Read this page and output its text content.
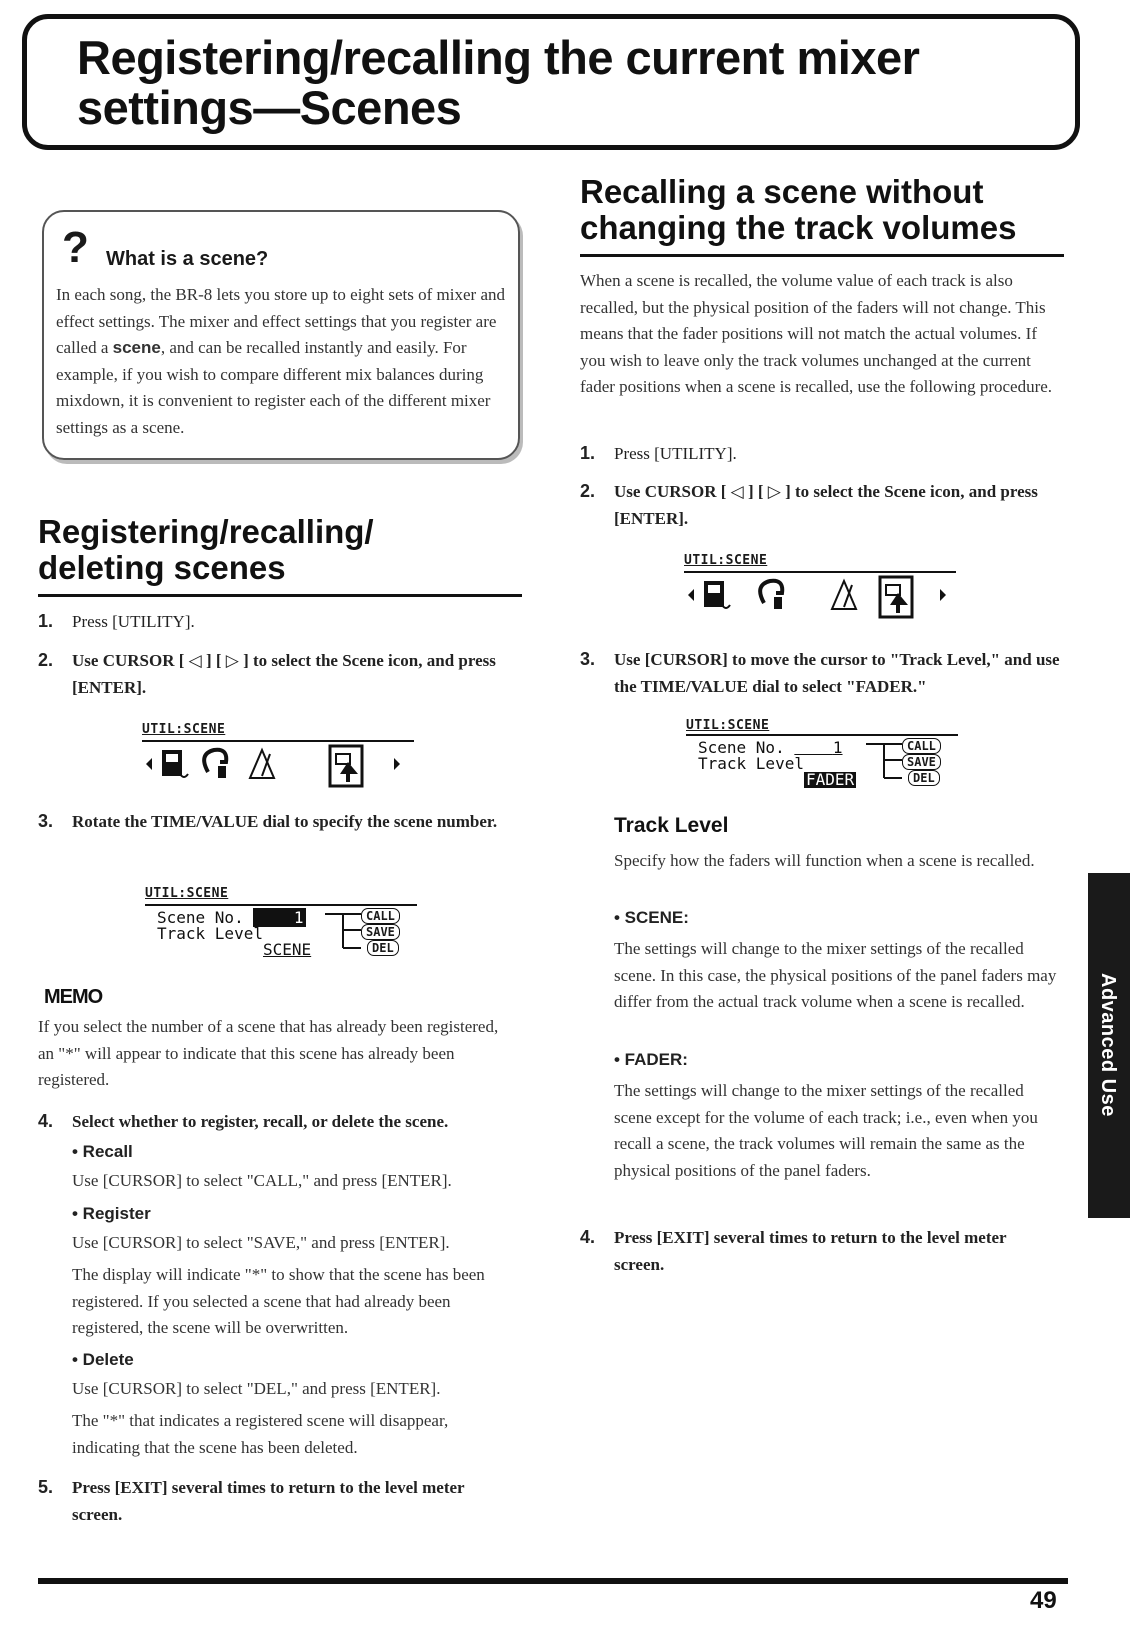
Registering/recalling the current mixer settings—Scenes
? What is a scene?
In each song, the BR-8 lets you store up to eight sets of mixer and effect settings. The mixer and effect settings that you register are called a scene, and can be recalled instantly and easily. For example, if you wish to compare different mix balances during mixdown, it is convenient to register each of the different mixer settings as a scene.
Registering/recalling/ deleting scenes
1. Press [UTILITY].
2. Use CURSOR [ ◁ ] [ ▷ ] to select the Scene icon, and press [ENTER].
UTIL:SCENE
3. Rotate the TIME/VALUE dial to specify the scene number.
UTIL:SCENE
Scene No.	1
Track Level
SCENE
CALL
SAVE
DEL
MEMO
If you select the number of a scene that has already been registered, an "*" will appear to indicate that this scene has already been registered.
4. Select whether to register, recall, or delete the scene.
• Recall
Use [CURSOR] to select "CALL," and press [ENTER].
• Register
Use [CURSOR] to select "SAVE," and press [ENTER].
The display will indicate "*" to show that the scene has been registered. If you selected a scene that had already been registered, the scene will be overwritten.
• Delete
Use [CURSOR] to select "DEL," and press [ENTER].
The "*" that indicates a registered scene will disappear, indicating that the scene has been deleted.
5. Press [EXIT] several times to return to the level meter screen.
Recalling a scene without changing the track volumes
When a scene is recalled, the volume value of each track is also recalled, but the physical position of the faders will not change. This means that the fader positions will not match the actual volumes. If you wish to leave only the track volumes unchanged at the current fader positions when a scene is recalled, use the following procedure.
1. Press [UTILITY].
2. Use CURSOR [ ◁ ] [ ▷ ] to select the Scene icon, and press [ENTER].
UTIL:SCENE
3. Use [CURSOR] to move the cursor to "Track Level," and use the TIME/VALUE dial to select "FADER."
UTIL:SCENE
Scene No.	1
Track Level
FADER
CALL
SAVE
DEL
Track Level
Specify how the faders will function when a scene is recalled.
• SCENE:
The settings will change to the mixer settings of the recalled scene. In this case, the physical positions of the panel faders may differ from the actual track volume when a scene is recalled.
• FADER:
The settings will change to the mixer settings of the recalled scene except for the volume of each track; i.e., even when you recall a scene, the track volumes will remain the same as the physical positions of the panel faders.
4. Press [EXIT] several times to return to the level meter screen.
Advanced Use
49
